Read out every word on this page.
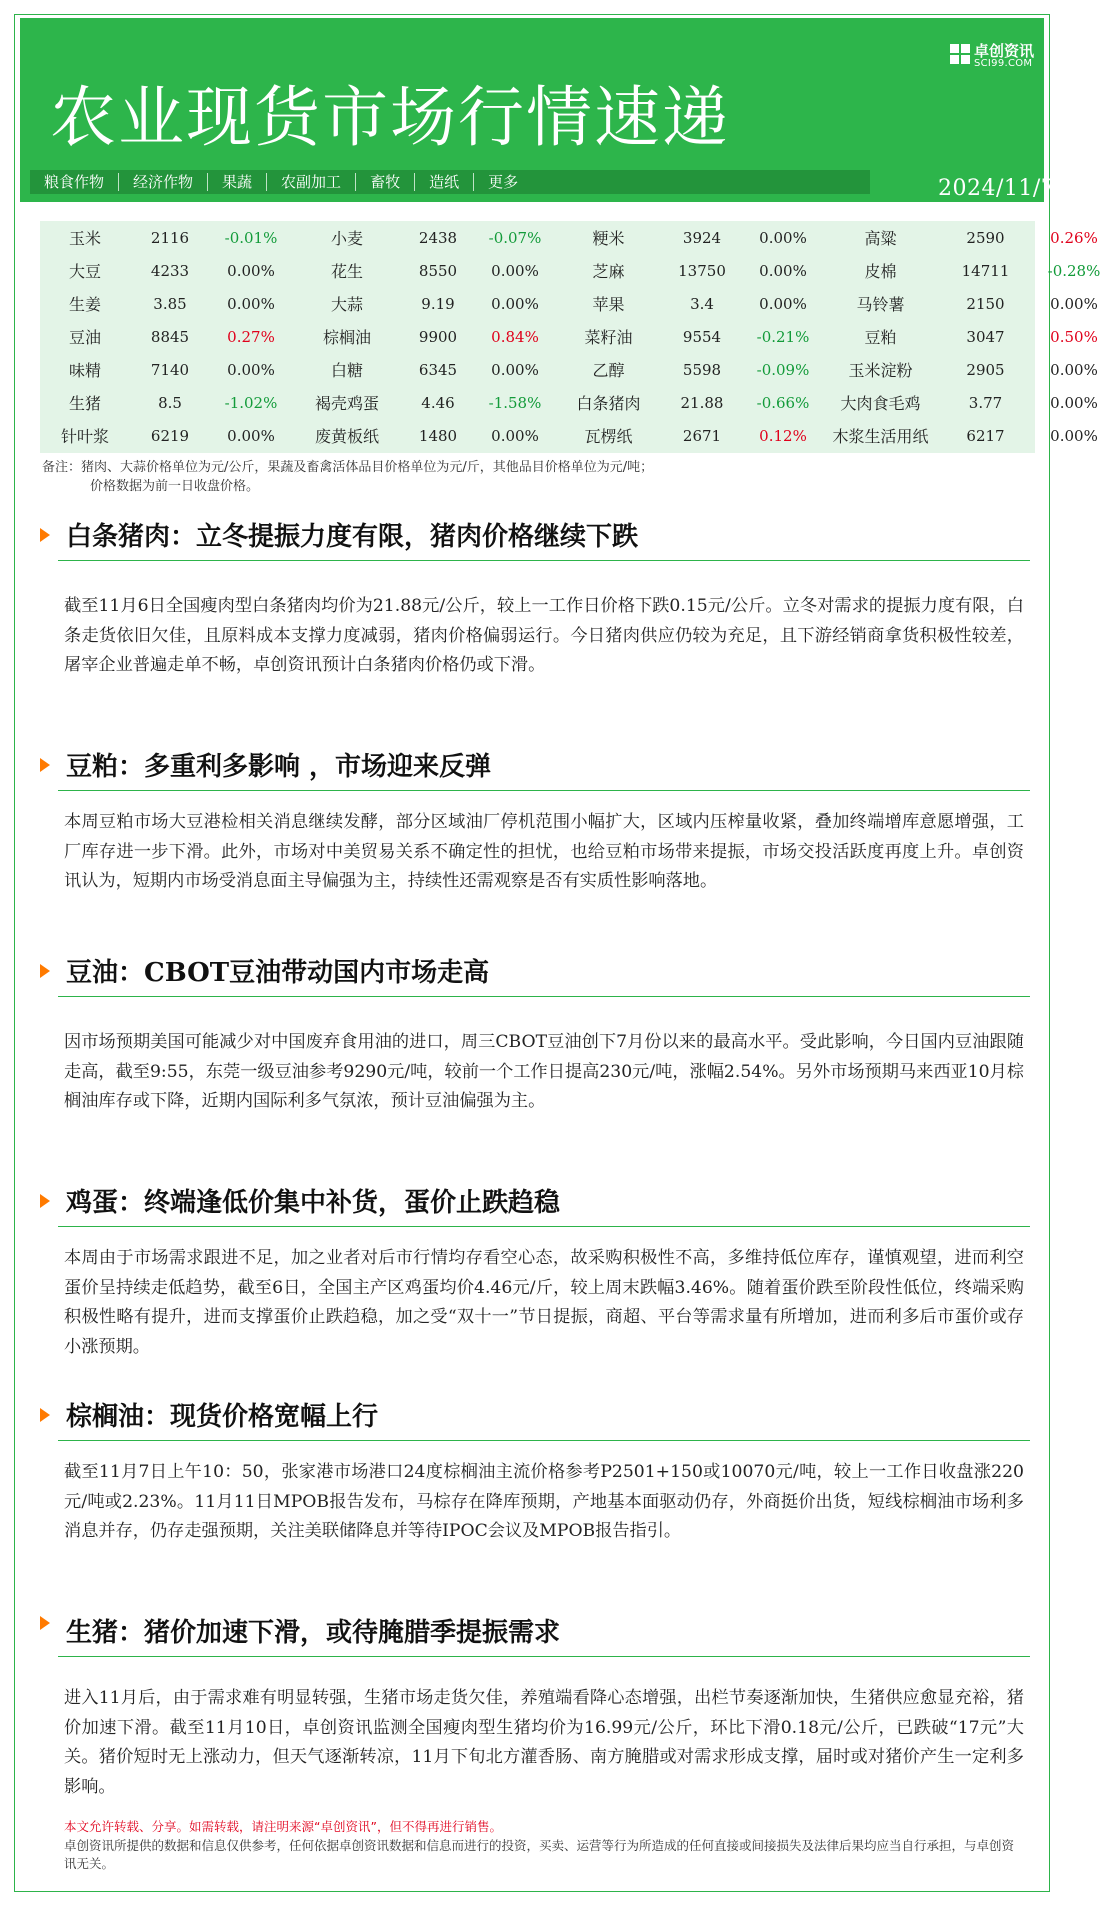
卓创资讯
SCI99.COM
农业现货市场行情速递
粮食作物	经济作物	果蔬	农副加工	畜牧	造纸	更多	2024/11/7
玉米	2116	-0.01%	小麦	2438	-0.07%	粳米	3924	0.00%	高粱	2590	0.26%
大豆	4233	0.00%	花生	8550	0.00%	芝麻	13750	0.00%	皮棉	14711	-0.28%
生姜	3.85	0.00%	大蒜	9.19	0.00%	苹果	3.4	0.00%	马铃薯	2150	0.00%
豆油	8845	0.27%	棕榈油	9900	0.84%	菜籽油	9554	-0.21%	豆粕	3047	0.50%
味精	7140	0.00%	白糖	6345	0.00%	乙醇	5598	-0.09%	玉米淀粉	2905	0.00%
生猪	8.5	-1.02%	褐壳鸡蛋	4.46	-1.58%	白条猪肉	21.88	-0.66%	大肉食毛鸡	3.77	0.00%
针叶浆	6219	0.00%	废黄板纸	1480	0.00%	瓦楞纸	2671	0.12%	木浆生活用纸	6217	0.00%
备注：猪肉、大蒜价格单位为元/公斤，果蔬及畜禽活体品目价格单位为元/斤，其他品目价格单位为元/吨；
价格数据为前一日收盘价格。
白条猪肉：立冬提振力度有限，猪肉价格继续下跌
截至11月6日全国瘦肉型白条猪肉均价为21.88元/公斤，较上一工作日价格下跌0.15元/公斤。立冬对需求的提振力度有限，白条走货依旧欠佳，且原料成本支撑力度减弱，猪肉价格偏弱运行。今日猪肉供应仍较为充足，且下游经销商拿货积极性较差，屠宰企业普遍走单不畅，卓创资讯预计白条猪肉价格仍或下滑。
豆粕：多重利多影响 ，市场迎来反弹
本周豆粕市场大豆港检相关消息继续发酵，部分区域油厂停机范围小幅扩大，区域内压榨量收紧，叠加终端增库意愿增强，工厂库存进一步下滑。此外，市场对中美贸易关系不确定性的担忧，也给豆粕市场带来提振，市场交投活跃度再度上升。卓创资讯认为，短期内市场受消息面主导偏强为主，持续性还需观察是否有实质性影响落地。
豆油：CBOT豆油带动国内市场走高
因市场预期美国可能减少对中国废弃食用油的进口，周三CBOT豆油创下7月份以来的最高水平。受此影响，今日国内豆油跟随走高，截至9:55，东莞一级豆油参考9290元/吨，较前一个工作日提高230元/吨，涨幅2.54%。另外市场预期马来西亚10月棕榈油库存或下降，近期内国际利多气氛浓，预计豆油偏强为主。
鸡蛋：终端逢低价集中补货，蛋价止跌趋稳
本周由于市场需求跟进不足，加之业者对后市行情均存看空心态，故采购积极性不高，多维持低位库存，谨慎观望，进而利空蛋价呈持续走低趋势，截至6日，全国主产区鸡蛋均价4.46元/斤，较上周末跌幅3.46%。随着蛋价跌至阶段性低位，终端采购积极性略有提升，进而支撑蛋价止跌趋稳，加之受“双十一”节日提振，商超、平台等需求量有所增加，进而利多后市蛋价或存小涨预期。
棕榈油：现货价格宽幅上行
截至11月7日上午10：50，张家港市场港口24度棕榈油主流价格参考P2501+150或10070元/吨，较上一工作日收盘涨220元/吨或2.23%。11月11日MPOB报告发布，马棕存在降库预期，产地基本面驱动仍存，外商挺价出货，短线棕榈油市场利多消息并存，仍存走强预期，关注美联储降息并等待IPOC会议及MPOB报告指引。
生猪：猪价加速下滑，或待腌腊季提振需求
进入11月后，由于需求难有明显转强，生猪市场走货欠佳，养殖端看降心态增强，出栏节奏逐渐加快，生猪供应愈显充裕，猪价加速下滑。截至11月10日，卓创资讯监测全国瘦肉型生猪均价为16.99元/公斤，环比下滑0.18元/公斤，已跌破“17元”大关。猪价短时无上涨动力，但天气逐渐转凉，11月下旬北方灌香肠、南方腌腊或对需求形成支撑，届时或对猪价产生一定利多影响。
本文允许转载、分享。如需转载，请注明来源“卓创资讯”，但不得再进行销售。
卓创资讯所提供的数据和信息仅供参考，任何依据卓创资讯数据和信息而进行的投资，买卖、运营等行为所造成的任何直接或间接损失及法律后果均应当自行承担，与卓创资讯无关。
